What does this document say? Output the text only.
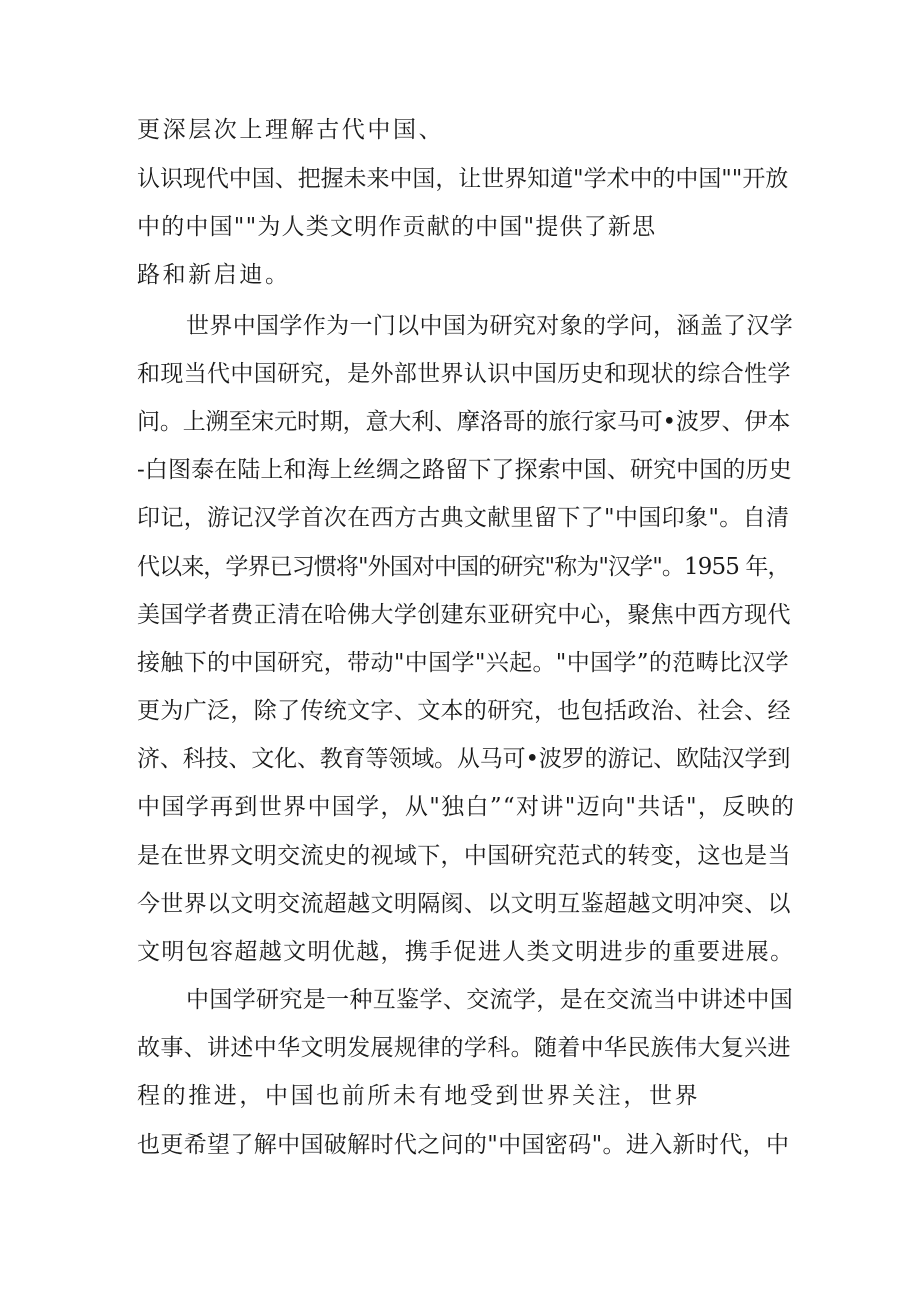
更深层次上理解古代中国、

认识现代中国、把握未来中国，让世界知道"学术中的中国""开放

中的中国""为人类文明作贡献的中国"提供了新思

路和新启迪。

世界中国学作为一门以中国为研究对象的学问，涵盖了汉学

和现当代中国研究，是外部世界认识中国历史和现状的综合性学

问。上溯至宋元时期，意大利、摩洛哥的旅行家马可•波罗、伊本

-白图泰在陆上和海上丝绸之路留下了探索中国、研究中国的历史

印记，游记汉学首次在西方古典文献里留下了"中国印象"。自清

代以来，学界已习惯将"外国对中国的研究"称为"汉学"。1955 年，

美国学者费正清在哈佛大学创建东亚研究中心，聚焦中西方现代

接触下的中国研究，带动"中国学"兴起。"中国学”的范畴比汉学

更为广泛，除了传统文字、文本的研究，也包括政治、社会、经

济、科技、文化、教育等领域。从马可•波罗的游记、欧陆汉学到

中国学再到世界中国学，从"独白”“对讲"迈向"共话"，反映的

是在世界文明交流史的视域下，中国研究范式的转变，这也是当

今世界以文明交流超越文明隔阂、以文明互鉴超越文明冲突、以

文明包容超越文明优越，携手促进人类文明进步的重要进展。

中国学研究是一种互鉴学、交流学，是在交流当中讲述中国

故事、讲述中华文明发展规律的学科。随着中华民族伟大复兴进

程的推进，中国也前所未有地受到世界关注，世界

也更希望了解中国破解时代之问的"中国密码"。进入新时代，中
